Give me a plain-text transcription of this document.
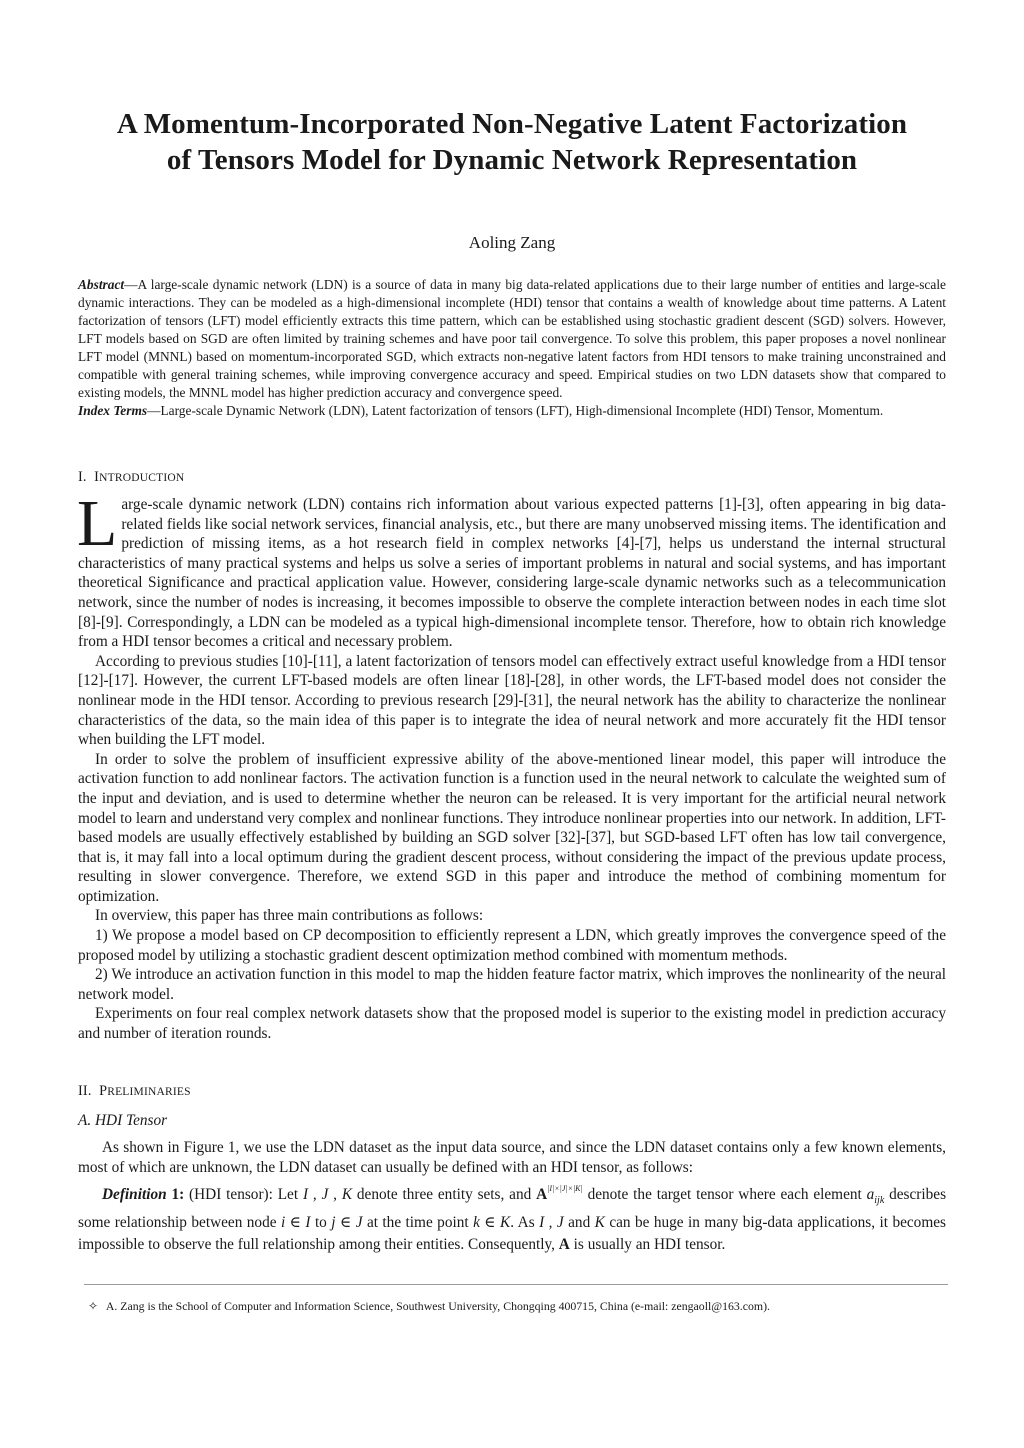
A Momentum-Incorporated Non-Negative Latent Factorization
of Tensors Model for Dynamic Network Representation
Aoling Zang

Abstract—A large-scale dynamic network (LDN) is a source of data in many big data-related applications due to their large number of entities and large-scale dynamic interactions. They can be modeled as a high-dimensional incomplete (HDI) tensor that contains a wealth of knowledge about time patterns. A Latent factorization of tensors (LFT) model efficiently extracts this time pattern, which can be established using stochastic gradient descent (SGD) solvers. However, LFT models based on SGD are often limited by training schemes and have poor tail convergence. To solve this problem, this paper proposes a novel nonlinear LFT model (MNNL) based on momentum-incorporated SGD, which extracts non-negative latent factors from HDI tensors to make training unconstrained and compatible with general training schemes, while improving convergence accuracy and speed. Empirical studies on two LDN datasets show that compared to existing models, the MNNL model has higher prediction accuracy and convergence speed.

Index Terms—Large-scale Dynamic Network (LDN), Latent factorization of tensors (LFT), High-dimensional Incomplete (HDI) Tensor, Momentum.

I. INTRODUCTION

Large-scale dynamic network (LDN) contains rich information about various expected patterns [1]-[3], often appearing in big data-related fields like social network services, financial analysis, etc., but there are many unobserved missing items. The identification and prediction of missing items, as a hot research field in complex networks [4]-[7], helps us understand the internal structural characteristics of many practical systems and helps us solve a series of important problems in natural and social systems, and has important theoretical Significance and practical application value. However, considering large-scale dynamic networks such as a telecommunication network, since the number of nodes is increasing, it becomes impossible to observe the complete interaction between nodes in each time slot [8]-[9]. Correspondingly, a LDN can be modeled as a typical high-dimensional incomplete tensor. Therefore, how to obtain rich knowledge from a HDI tensor becomes a critical and necessary problem.

According to previous studies [10]-[11], a latent factorization of tensors model can effectively extract useful knowledge from a HDI tensor [12]-[17]. However, the current LFT-based models are often linear [18]-[28], in other words, the LFT-based model does not consider the nonlinear mode in the HDI tensor. According to previous research [29]-[31], the neural network has the ability to characterize the nonlinear characteristics of the data, so the main idea of this paper is to integrate the idea of neural network and more accurately fit the HDI tensor when building the LFT model.

In order to solve the problem of insufficient expressive ability of the above-mentioned linear model, this paper will introduce the activation function to add nonlinear factors. The activation function is a function used in the neural network to calculate the weighted sum of the input and deviation, and is used to determine whether the neuron can be released. It is very important for the artificial neural network model to learn and understand very complex and nonlinear functions. They introduce nonlinear properties into our network. In addition, LFT-based models are usually effectively established by building an SGD solver [32]-[37], but SGD-based LFT often has low tail convergence, that is, it may fall into a local optimum during the gradient descent process, without considering the impact of the previous update process, resulting in slower convergence. Therefore, we extend SGD in this paper and introduce the method of combining momentum for optimization.

In overview, this paper has three main contributions as follows:

1) We propose a model based on CP decomposition to efficiently represent a LDN, which greatly improves the convergence speed of the proposed model by utilizing a stochastic gradient descent optimization method combined with momentum methods.

2) We introduce an activation function in this model to map the hidden feature factor matrix, which improves the nonlinearity of the neural network model.

Experiments on four real complex network datasets show that the proposed model is superior to the existing model in prediction accuracy and number of iteration rounds.

II. PRELIMINARIES
A. HDI Tensor

As shown in Figure 1, we use the LDN dataset as the input data source, and since the LDN dataset contains only a few known elements, most of which are unknown, the LDN dataset can usually be defined with an HDI tensor, as follows:

Definition 1: (HDI tensor): Let I , J , K denote three entity sets, and $A^{|I|\times|J|\times|K|}$ denote the target tensor where each element $a_{ijk}$ describes some relationship between node i ∈ I to j ∈ J at the time point k ∈ K. As I , J and K can be huge in many big-data applications, it becomes impossible to observe the full relationship among their entities. Consequently, A is usually an HDI tensor.

✧ A. Zang is the School of Computer and Information Science, Southwest University, Chongqing 400715, China (e-mail: zengaoll@163.com).
